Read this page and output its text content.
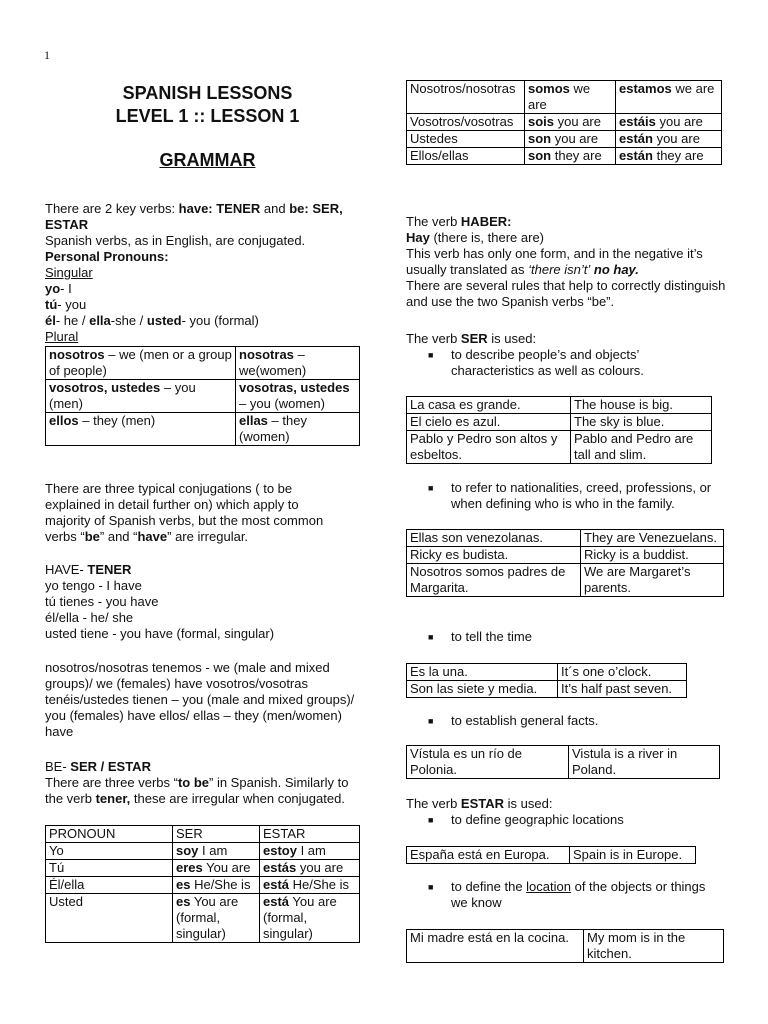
1
SPANISH LESSONS
LEVEL 1 :: LESSON 1
GRAMMAR

There are 2 key verbs: have: TENER and be: SER,
ESTAR

Spanish verbs, as in English, are conjugated.

Personal Pronouns:

Singular

yo- I

tú- you

él- he / ella-she / usted- you (formal)

Plural

nosotros – we (men or a group of people)	nosotras – we(women)
vosotros, ustedes – you (men)	vosotras, ustedes – you (women)
ellos – they (men)	ellas – they (women)

There are three typical conjugations ( to be explained in detail further on) which apply to majority of Spanish verbs, but the most common verbs “be” and “have” are irregular.

HAVE- TENER

yo tengo - I have

tú tienes - you have

él/ella - he/ she

usted tiene - you have (formal, singular)

nosotros/nosotras tenemos - we (male and mixed groups)/ we (females) have vosotros/vosotras tenéis/ustedes tienen – you (male and mixed groups)/ you (females) have ellos/ ellas – they (men/women) have

BE- SER / ESTAR

There are three verbs “to be” in Spanish. Similarly to the verb tener, these are irregular when conjugated.

PRONOUN	SER	ESTAR
Yo	soy I am	estoy I am
Tú	eres You are	estás you are
Él/ella	es He/She is	está He/She is
Usted	es You are (formal, singular)	está You are (formal, singular)
Nosotros/nosotras	somos we are	estamos we are
Vosotros/vosotras	sois you are	estáis you are
Ustedes	son you are	están you are
Ellos/ellas	son they are	están they are

The verb HABER:

Hay (there is, there are)

This verb has only one form, and in the negative it’s usually translated as ‘there isn’t’ no hay.

There are several rules that help to correctly distinguish and use the two Spanish verbs “be”.

The verb SER is used:

■ to describe people’s and objects’ characteristics as well as colours.
La casa es grande.	The house is big.
El cielo es azul.	The sky is blue.
Pablo y Pedro son altos y esbeltos.	Pablo and Pedro are tall and slim.
■ to refer to nationalities, creed, professions, or when defining who is who in the family.
Ellas son venezolanas.	They are Venezuelans.
Ricky es budista.	Ricky is a buddist.
Nosotros somos padres de Margarita.	We are Margaret’s parents.
■ to tell the time
Es la una.	It´s one o’clock.
Son las siete y media.	It’s half past seven.
■ to establish general facts.
Vístula es un río de Polonia.	Vistula is a river in Poland.

The verb ESTAR is used:

■ to define geographic locations
España está en Europa.	Spain is in Europe.
■ to define the location of the objects or things we know
Mi madre está en la cocina.	My mom is in the kitchen.
